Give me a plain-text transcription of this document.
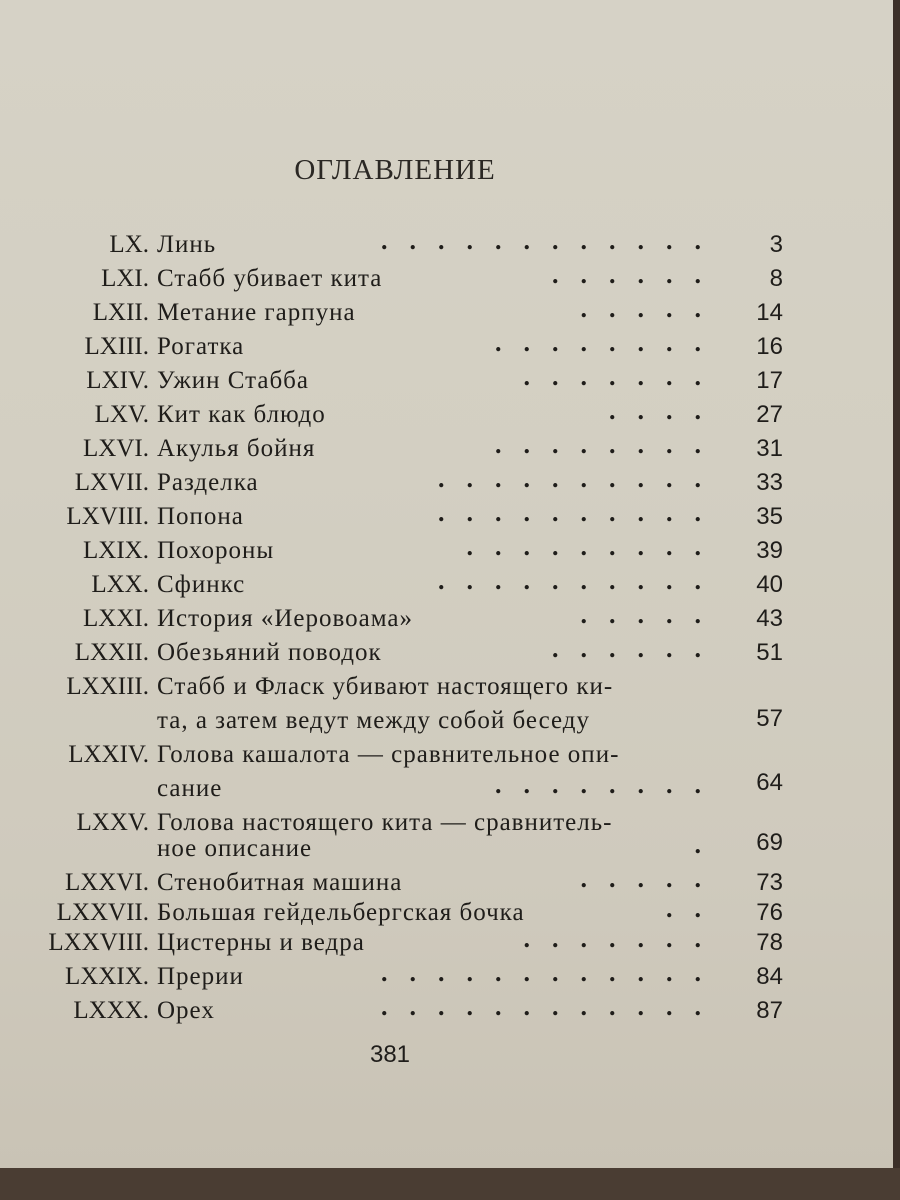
ОГЛАВЛЕНИЕ
LX. Линь	............ 3
LXI. Стабб убивает кита	...... 8
LXII. Метание гарпуна	..... 14
LXIII. Рогатка	........ 16
LXIV. Ужин Стабба	....... 17
LXV. Кит как блюдо	.... 27
LXVI. Акулья бойня	........ 31
LXVII. Разделка	.......... 33
LXVIII. Попона	.......... 35
LXIX. Похороны	......... 39
LXX. Сфинкс	.......... 40
LXXI. История «Иеровоама»	..... 43
LXXII. Обезьяний поводок	...... 51
LXXIII. Стабб и Фласк убивают настоящего ки-
та, а затем ведут между собой беседу	57
LXXIV. Голова кашалота — сравнительное опи-
сание	........ 64
LXXV. Голова настоящего кита — сравнитель-
ное описание	. 69
LXXVI. Стенобитная машина	..... 73
LXXVII. Большая гейдельбергская бочка	.. 76
LXXVIII. Цистерны и ведра	....... 78
LXXIX. Прерии	............ 84
LXXX. Орех	............ 87
381
